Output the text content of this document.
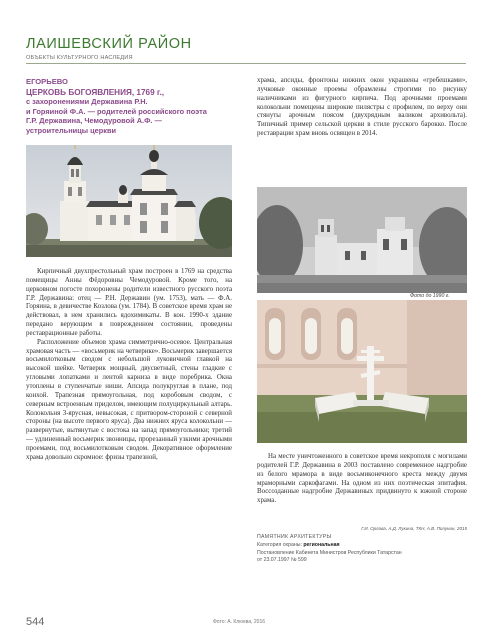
ЛАИШЕВСКИЙ РАЙОН
ОБЪЕКТЫ КУЛЬТУРНОГО НАСЛЕДИЯ
ЕГОРЬЕВО
ЦЕРКОВЬ БОГОЯВЛЕНИЯ, 1769 г.,
с захоронениями Державина Р.Н.
и Горяиной Ф.А. — родителей российского поэта
Г.Р. Державина, Чемодуровой А.Ф. —
устроительницы церкви

Кирпичный двухпрестольный храм построен в 1769 на средства помещицы Анны Фёдоровны Чемодуровой. Кроме того, на церковном погосте похоронены родители известного русского поэта Г.Р. Державина: отец — Р.Н. Державин (ум. 1753), мать — Ф.А. Горяина, в девичестве Козлова (ум. 1784). В советское время храм не действовал, в нем хранились ядохимикаты. В кон. 1990-х здание передано верующим в поврежденном состоянии, проведены реставрационные работы.

Расположение объемов храма симметрично-осевое. Центральная храмовая часть — «восьмерик на четверике». Восьмерик завершается восьмилотковым сводом с небольшой луковичной главкой на высокой шейке. Четверик мощный, двусветный, стены гладкие с угловыми лопатками и лентой карниза в виде поребрика. Окна утоплены в ступенчатые ниши. Апсида полукруглая в плане, под конхой. Трапезная прямоугольная, под коробовым сводом, с северным встроенным приделом, имеющим полуциркульный алтарь. Колокольня 3-ярусная, невысокая, с притвором-стороной с северной стороны (на высоте первого яруса). Два нижних яруса колокольни — развернутые, вытянутые с востока на запад прямоугольники; третий — удлиненный восьмерик звонницы, прорезанный узкими арочными проемами, под восьмилотковым сводом. Декоративное оформление храма довольно скромное: фризы трапезной,

храма, апсиды, фронтоны нижних окон украшены «гребешками», лучковые оконные проемы обрамлены строгими по рисунку наличниками из фигурного кирпича. Под арочными проемами колокольни помещены широкие пилястры с профилем, по верху они стянуты арочным поясом (двухрядным валиком архивольта). Типичный пример сельской церкви в стиле русского барокко. После реставрации храм вновь освящен в 2014.

Фото до 1990 г.

На месте уничтоженного в советское время некрополя с могилами родителей Г.Р. Державина в 2003 поставлено современное надгробие из белого мрамора в виде восьмиконечного креста между двумя мраморными саркофагами. На одном из них поэтическая эпитафия. Воссозданные надгробие Державиных придвинуто к южной стороне храма.

Г.И. Орлова, А.Д. Лукина, ТКН, А.В. Полунин, 2015
ПАМЯТНИК АРХИТЕКТУРЫ
Категория охраны: региональная
Постановление Кабинета Министров Республики Татарстан
от 23.07.1997 № 599
544	Фото: А. Клюева, 2016
